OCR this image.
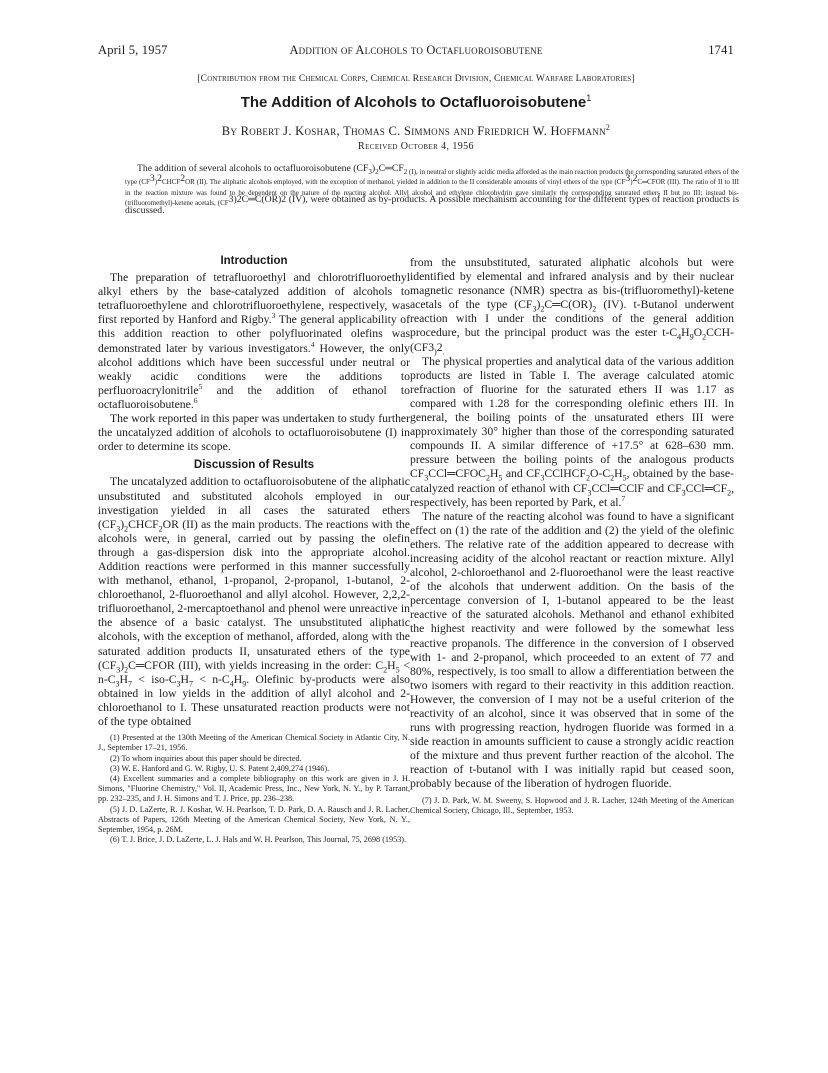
April 5, 1957	Addition of Alcohols to Octafluoroisobutene	1741
[Contribution from the Chemical Corps, Chemical Research Division, Chemical Warfare Laboratories]
The Addition of Alcohols to Octafluoroisobutene$^1$
By Robert J. Koshar, Thomas C. Simmons and Friedrich W. Hoffmann$^2$
Received October 4, 1956

The addition of several alcohols to octafluoroisobutene $(CF_3)_2C═CF_2$ $_{(I), in neutral or slightly acidic media afforded as the main reaction products the corresponding saturated ethers of the type (CF}3_)2_{CHCF}2_{OR (II). The aliphatic alcohols employed, with the exception of methanol, yielded in addition to the II considerable amounts of vinyl ethers of the type (CF}3_)2_{C═CFOR (III). The ratio of II to III in the reaction mixture was found to be dependent on the nature of the reacting alcohol. Allyl alcohol and ethylene chlorohydrin gave similarly the corresponding saturated ethers II but no III; instead bis-(trifluoromethyl)-ketene acetals, (CF}3)2C═C(OR)2$ (IV), were obtained as by-products. A possible mechanism accounting for the different types of reaction products is discussed.

Introduction

The preparation of tetrafluoroethyl and chlorotrifluoroethyl alkyl ethers by the base-catalyzed addition of alcohols to tetrafluoroethylene and chlorotrifluoroethylene, respectively, was first reported by Hanford and Rigby.$^3$ The general applicability of this addition reaction to other polyfluorinated olefins was demonstrated later by various investigators.$^4$ However, the only alcohol additions which have been successful under neutral or weakly acidic conditions were the additions to perfluoroacrylonitrile$^5$ and the addition of ethanol to octafluoroisobutene.$^6$

The work reported in this paper was undertaken to study further the uncatalyzed addition of alcohols to octafluoroisobutene (I) in order to determine its scope.

Discussion of Results

The uncatalyzed addition to octafluoroisobutene of the aliphatic unsubstituted and substituted alcohols employed in our investigation yielded in all cases the saturated ethers $(CF_3)_2CHCF_2OR$ (II) as the main products. The reactions with the alcohols were, in general, carried out by passing the olefin through a gas-dispersion disk into the appropriate alcohol. Addition reactions were performed in this manner successfully with methanol, ethanol, 1-propanol, 2-propanol, 1-butanol, 2-chloroethanol, 2-fluoroethanol and allyl alcohol. However, 2,2,2-trifluoroethanol, 2-mercaptoethanol and phenol were unreactive in the absence of a basic catalyst. The unsubstituted aliphatic alcohols, with the exception of methanol, afforded, along with the saturated addition products II, unsaturated ethers of the type $(CF_3)_2C═CFOR$ (III), with yields increasing in the order: $C_2H_5 < n-C_3H_7 < iso-C_3H_7 < n-C_4H_9$. Olefinic by-products were also obtained in low yields in the addition of allyl alcohol and 2-chloroethanol to I. These unsaturated reaction products were not of the type obtained

(1) Presented at the 130th Meeting of the American Chemical Society in Atlantic City, N. J., September 17–21, 1956.

(2) To whom inquiries about this paper should be directed.

(3) W. E. Hanford and G. W. Rigby, U. S. Patent 2,409,274 (1946).

(4) Excellent summaries and a complete bibliography on this work are given in J. H. Simons, "Fluorine Chemistry," Vol. II, Academic Press, Inc., New York, N. Y., by P. Tarrant, pp. 232–235, and J. H. Simons and T. J. Price, pp. 236–238.

(5) J. D. LaZerte, R. J. Koshar, W. H. Pearlson, T. D. Park, D. A. Rausch and J. R. Lacher, Abstracts of Papers, 126th Meeting of the American Chemical Society, New York, N. Y., September, 1954, p. 26M.

(6) T. J. Brice, J. D. LaZerte, L. J. Hals and W. H. Pearlson, This Journal, 75, 2698 (1953).

from the unsubstituted, saturated aliphatic alcohols but were identified by elemental and infrared analysis and by their nuclear magnetic resonance (NMR) spectra as bis-(trifluoromethyl)-ketene acetals of the type $(CF_3)_2C═C(OR)_2$ (IV). t-Butanol underwent reaction with I under the conditions of the general addition procedure, but the principal product was the ester $t-C_4H_9O_2CCH-(CF3_)2_.$

The physical properties and analytical data of the various addition products are listed in Table I. The average calculated atomic refraction of fluorine for the saturated ethers II was 1.17 as compared with 1.28 for the corresponding olefinic ethers III. In general, the boiling points of the unsaturated ethers III were approximately 30° higher than those of the corresponding saturated compounds II. A similar difference of +17.5° at 628–630 mm. pressure between the boiling points of the analogous products $CF_3CCl═CFOC_2H_5$ and $CF_3CClHCF_2O-C_2H_5$, obtained by the base-catalyzed reaction of ethanol with $CF_3CCl═CClF$ and $CF_3CCl═CF_2$, respectively, has been reported by Park, et al.$^7$

The nature of the reacting alcohol was found to have a significant effect on (1) the rate of the addition and (2) the yield of the olefinic ethers. The relative rate of the addition appeared to decrease with increasing acidity of the alcohol reactant or reaction mixture. Allyl alcohol, 2-chloroethanol and 2-fluoroethanol were the least reactive of the alcohols that underwent addition. On the basis of the percentage conversion of I, 1-butanol appeared to be the least reactive of the saturated alcohols. Methanol and ethanol exhibited the highest reactivity and were followed by the somewhat less reactive propanols. The difference in the conversion of I observed with 1- and 2-propanol, which proceeded to an extent of 77 and 80%, respectively, is too small to allow a differentiation between the two isomers with regard to their reactivity in this addition reaction. However, the conversion of I may not be a useful criterion of the reactivity of an alcohol, since it was observed that in some of the runs with progressing reaction, hydrogen fluoride was formed in a side reaction in amounts sufficient to cause a strongly acidic reaction of the mixture and thus prevent further reaction of the alcohol. The reaction of t-butanol with I was initially rapid but ceased soon, probably because of the liberation of hydrogen fluoride.

(7) J. D. Park, W. M. Sweeny, S. Hopwood and J. R. Lacher, 124th Meeting of the American Chemical Society, Chicago, Ill., September, 1953.
